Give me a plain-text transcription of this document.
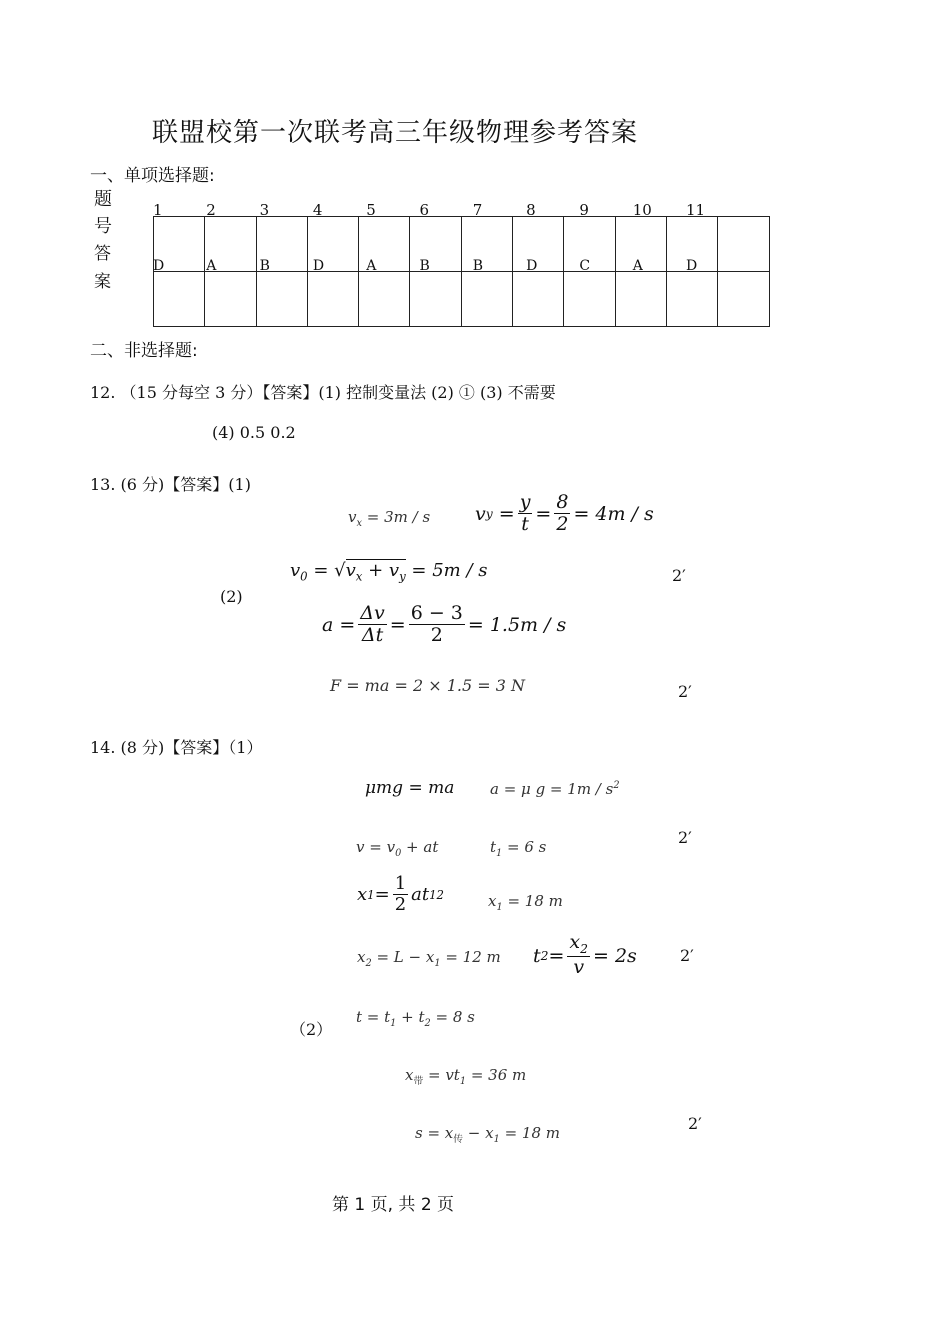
联盟校第一次联考高三年级物理参考答案
一、单项选择题:
题
号
答
案

1	2	3	4	5	6	7	8	9	10 11
D	A	B	D	A	B	B	D	C	A	D
二、非选择题:
12. （15 分每空 3 分）【答案】(1) 控制变量法 (2) ① (3) 不需要
(4) 0.5 0.2
13. (6 分)【答案】(1)
$v_x = 3m / s$ v $y = \frac{y}{t} = \frac{8}{2} = 4m / s$
$v_0 = √v_x + v_y = 5m / s$	2′
(2)
$a = \frac{\Delta v}{\Delta t} = \frac{6 - 3}{2} = 1.5m / s$
F = ma = 2 × 1.5 = 3 N	2′
14. (8 分)【答案】（1）
μmg = ma a = μ $g = 1m / s^2$
$v = v_0$ + at	$t_1 = 6$ s	2′
x $1 = \frac{1}{2}$ at 1 2	$x_1 = 18$ m
$x_2 = L - x_1 = 12$ m t $2 = \frac{x_2}{v} = 2s$	2′
（2）
$t = t_1 + t_2 = 8$ s
$x_带 = vt_1 = 36$ m
$s = x_传 - x_1 = 18$ m	2′
第 1 页, 共 2 页
